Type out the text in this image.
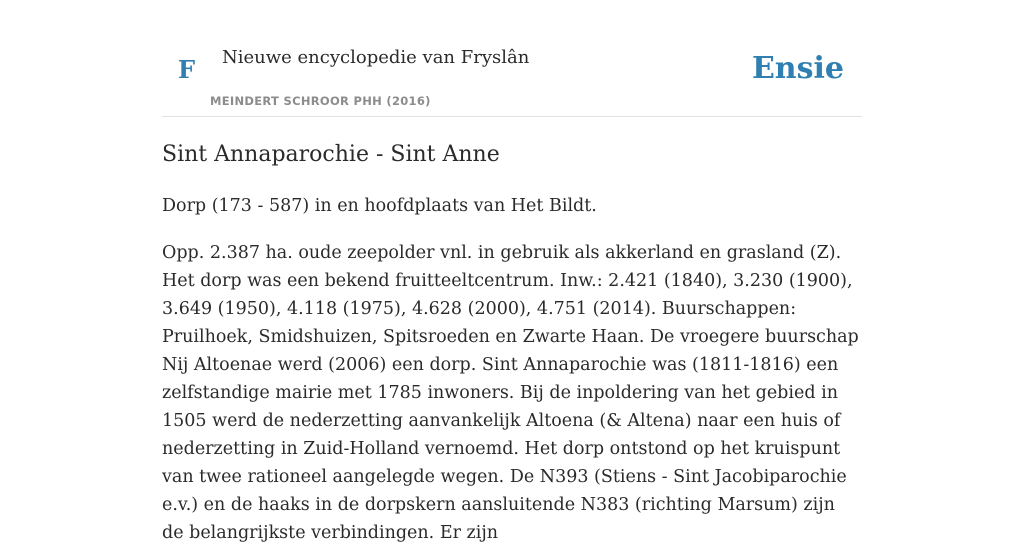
F Nieuwe encyclopedie van Fryslân
MEINDERT SCHROOR PHH (2016)
Ensie
Sint Annaparochie - Sint Anne

Dorp (173 - 587) in en hoofdplaats van Het Bildt.

Opp. 2.387 ha. oude zeepolder vnl. in gebruik als akkerland en grasland (Z). Het dorp was een bekend fruitteeltcentrum. Inw.: 2.421 (1840), 3.230 (1900), 3.649 (1950), 4.118 (1975), 4.628 (2000), 4.751 (2014). Buurschappen: Pruilhoek, Smidshuizen, Spitsroeden en Zwarte Haan. De vroegere buurschap Nij Altoenae werd (2006) een dorp. Sint Annaparochie was (1811-1816) een zelfstandige mairie met 1785 inwoners. Bij de inpoldering van het gebied in 1505 werd de nederzetting aanvankelijk Altoena (& Altena) naar een huis of nederzetting in Zuid-Holland vernoemd. Het dorp ontstond op het kruispunt van twee rationeel aangelegde wegen. De N393 (Stiens - Sint Jacobiparochie e.v.) en de haaks in de dorpskern aansluitende N383 (richting Marsum) zijn de belangrijkste verbindingen. Er zijn
